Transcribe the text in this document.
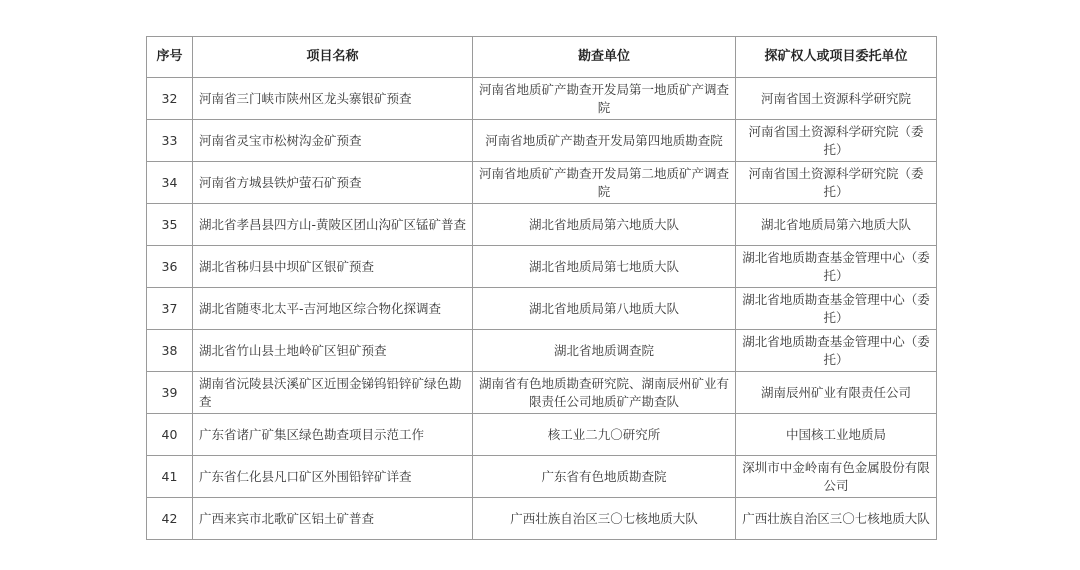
序号	项目名称	勘查单位	探矿权人或项目委托单位
32	河南省三门峡市陕州区龙头寨银矿预查	河南省地质矿产勘查开发局第一地质矿产调查院	河南省国土资源科学研究院
33	河南省灵宝市松树沟金矿预查	河南省地质矿产勘查开发局第四地质勘查院	河南省国土资源科学研究院（委托）
34	河南省方城县铁炉萤石矿预查	河南省地质矿产勘查开发局第二地质矿产调查院	河南省国土资源科学研究院（委托）
35	湖北省孝昌县四方山-黄陂区团山沟矿区锰矿普查	湖北省地质局第六地质大队	湖北省地质局第六地质大队
36	湖北省秭归县中坝矿区银矿预查	湖北省地质局第七地质大队	湖北省地质勘查基金管理中心（委托）
37	湖北省随枣北太平-吉河地区综合物化探调查	湖北省地质局第八地质大队	湖北省地质勘查基金管理中心（委托）
38	湖北省竹山县土地岭矿区钽矿预查	湖北省地质调查院	湖北省地质勘查基金管理中心（委托）
39	湖南省沅陵县沃溪矿区近围金锑钨铅锌矿绿色勘查	湖南省有色地质勘查研究院、湖南辰州矿业有限责任公司地质矿产勘查队	湖南辰州矿业有限责任公司
40	广东省诸广矿集区绿色勘查项目示范工作	核工业二九〇研究所	中国核工业地质局
41	广东省仁化县凡口矿区外围铅锌矿详查	广东省有色地质勘查院	深圳市中金岭南有色金属股份有限公司
42	广西来宾市北歌矿区铝土矿普查	广西壮族自治区三〇七核地质大队	广西壮族自治区三〇七核地质大队
